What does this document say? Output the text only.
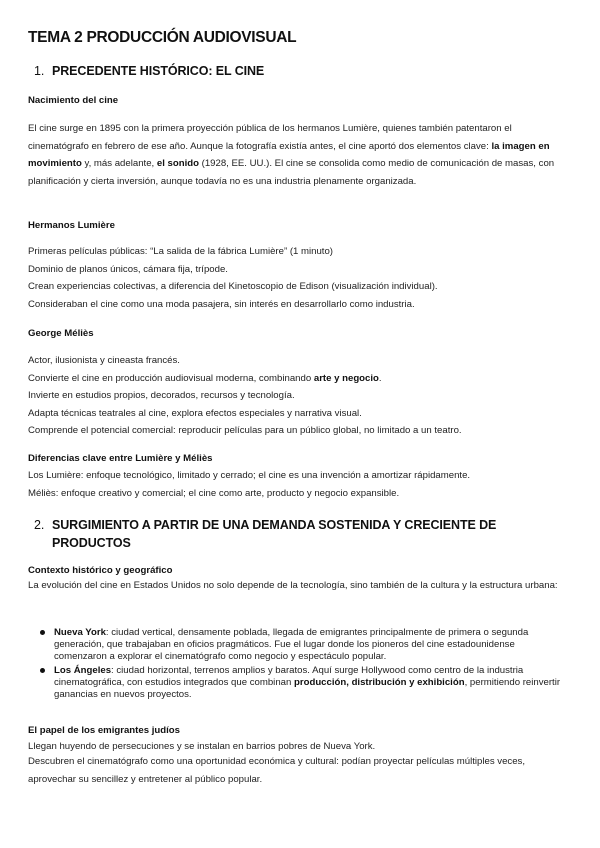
TEMA 2 PRODUCCIÓN AUDIOVISUAL
1. PRECEDENTE HISTÓRICO: EL CINE
Nacimiento del cine
El cine surge en 1895 con la primera proyección pública de los hermanos Lumière, quienes también patentaron el cinematógrafo en febrero de ese año. Aunque la fotografía existía antes, el cine aportó dos elementos clave: la imagen en movimiento y, más adelante, el sonido (1928, EE. UU.). El cine se consolida como medio de comunicación de masas, con planificación y cierta inversión, aunque todavía no es una industria plenamente organizada.
Hermanos Lumière
Primeras películas públicas: “La salida de la fábrica Lumière” (1 minuto)
Dominio de planos únicos, cámara fija, trípode.
Crean experiencias colectivas, a diferencia del Kinetoscopio de Edison (visualización individual).
Consideraban el cine como una moda pasajera, sin interés en desarrollarlo como industria.
George Méliès
Actor, ilusionista y cineasta francés.
Convierte el cine en producción audiovisual moderna, combinando arte y negocio.
Invierte en estudios propios, decorados, recursos y tecnología.
Adapta técnicas teatrales al cine, explora efectos especiales y narrativa visual.
Comprende el potencial comercial: reproducir películas para un público global, no limitado a un teatro.
Diferencias clave entre Lumière y Méliès
Los Lumière: enfoque tecnológico, limitado y cerrado; el cine es una invención a amortizar rápidamente.
Méliès: enfoque creativo y comercial; el cine como arte, producto y negocio expansible.
2. SURGIMIENTO A PARTIR DE UNA DEMANDA SOSTENIDA Y CRECIENTE DE
PRODUCTOS
Contexto histórico y geográfico
La evolución del cine en Estados Unidos no solo depende de la tecnología, sino también de la cultura y la estructura urbana:
Nueva York: ciudad vertical, densamente poblada, llegada de emigrantes principalmente de primera o segunda generación, que trabajaban en oficios pragmáticos. Fue el lugar donde los pioneros del cine estadounidense comenzaron a explorar el cinematógrafo como negocio y espectáculo popular.
Los Ángeles: ciudad horizontal, terrenos amplios y baratos. Aquí surge Hollywood como centro de la industria cinematográfica, con estudios integrados que combinan producción, distribución y exhibición, permitiendo reinvertir ganancias en nuevos proyectos.
El papel de los emigrantes judíos
Llegan huyendo de persecuciones y se instalan en barrios pobres de Nueva York.
Descubren el cinematógrafo como una oportunidad económica y cultural: podían proyectar películas múltiples veces, aprovechar su sencillez y entretener al público popular.
